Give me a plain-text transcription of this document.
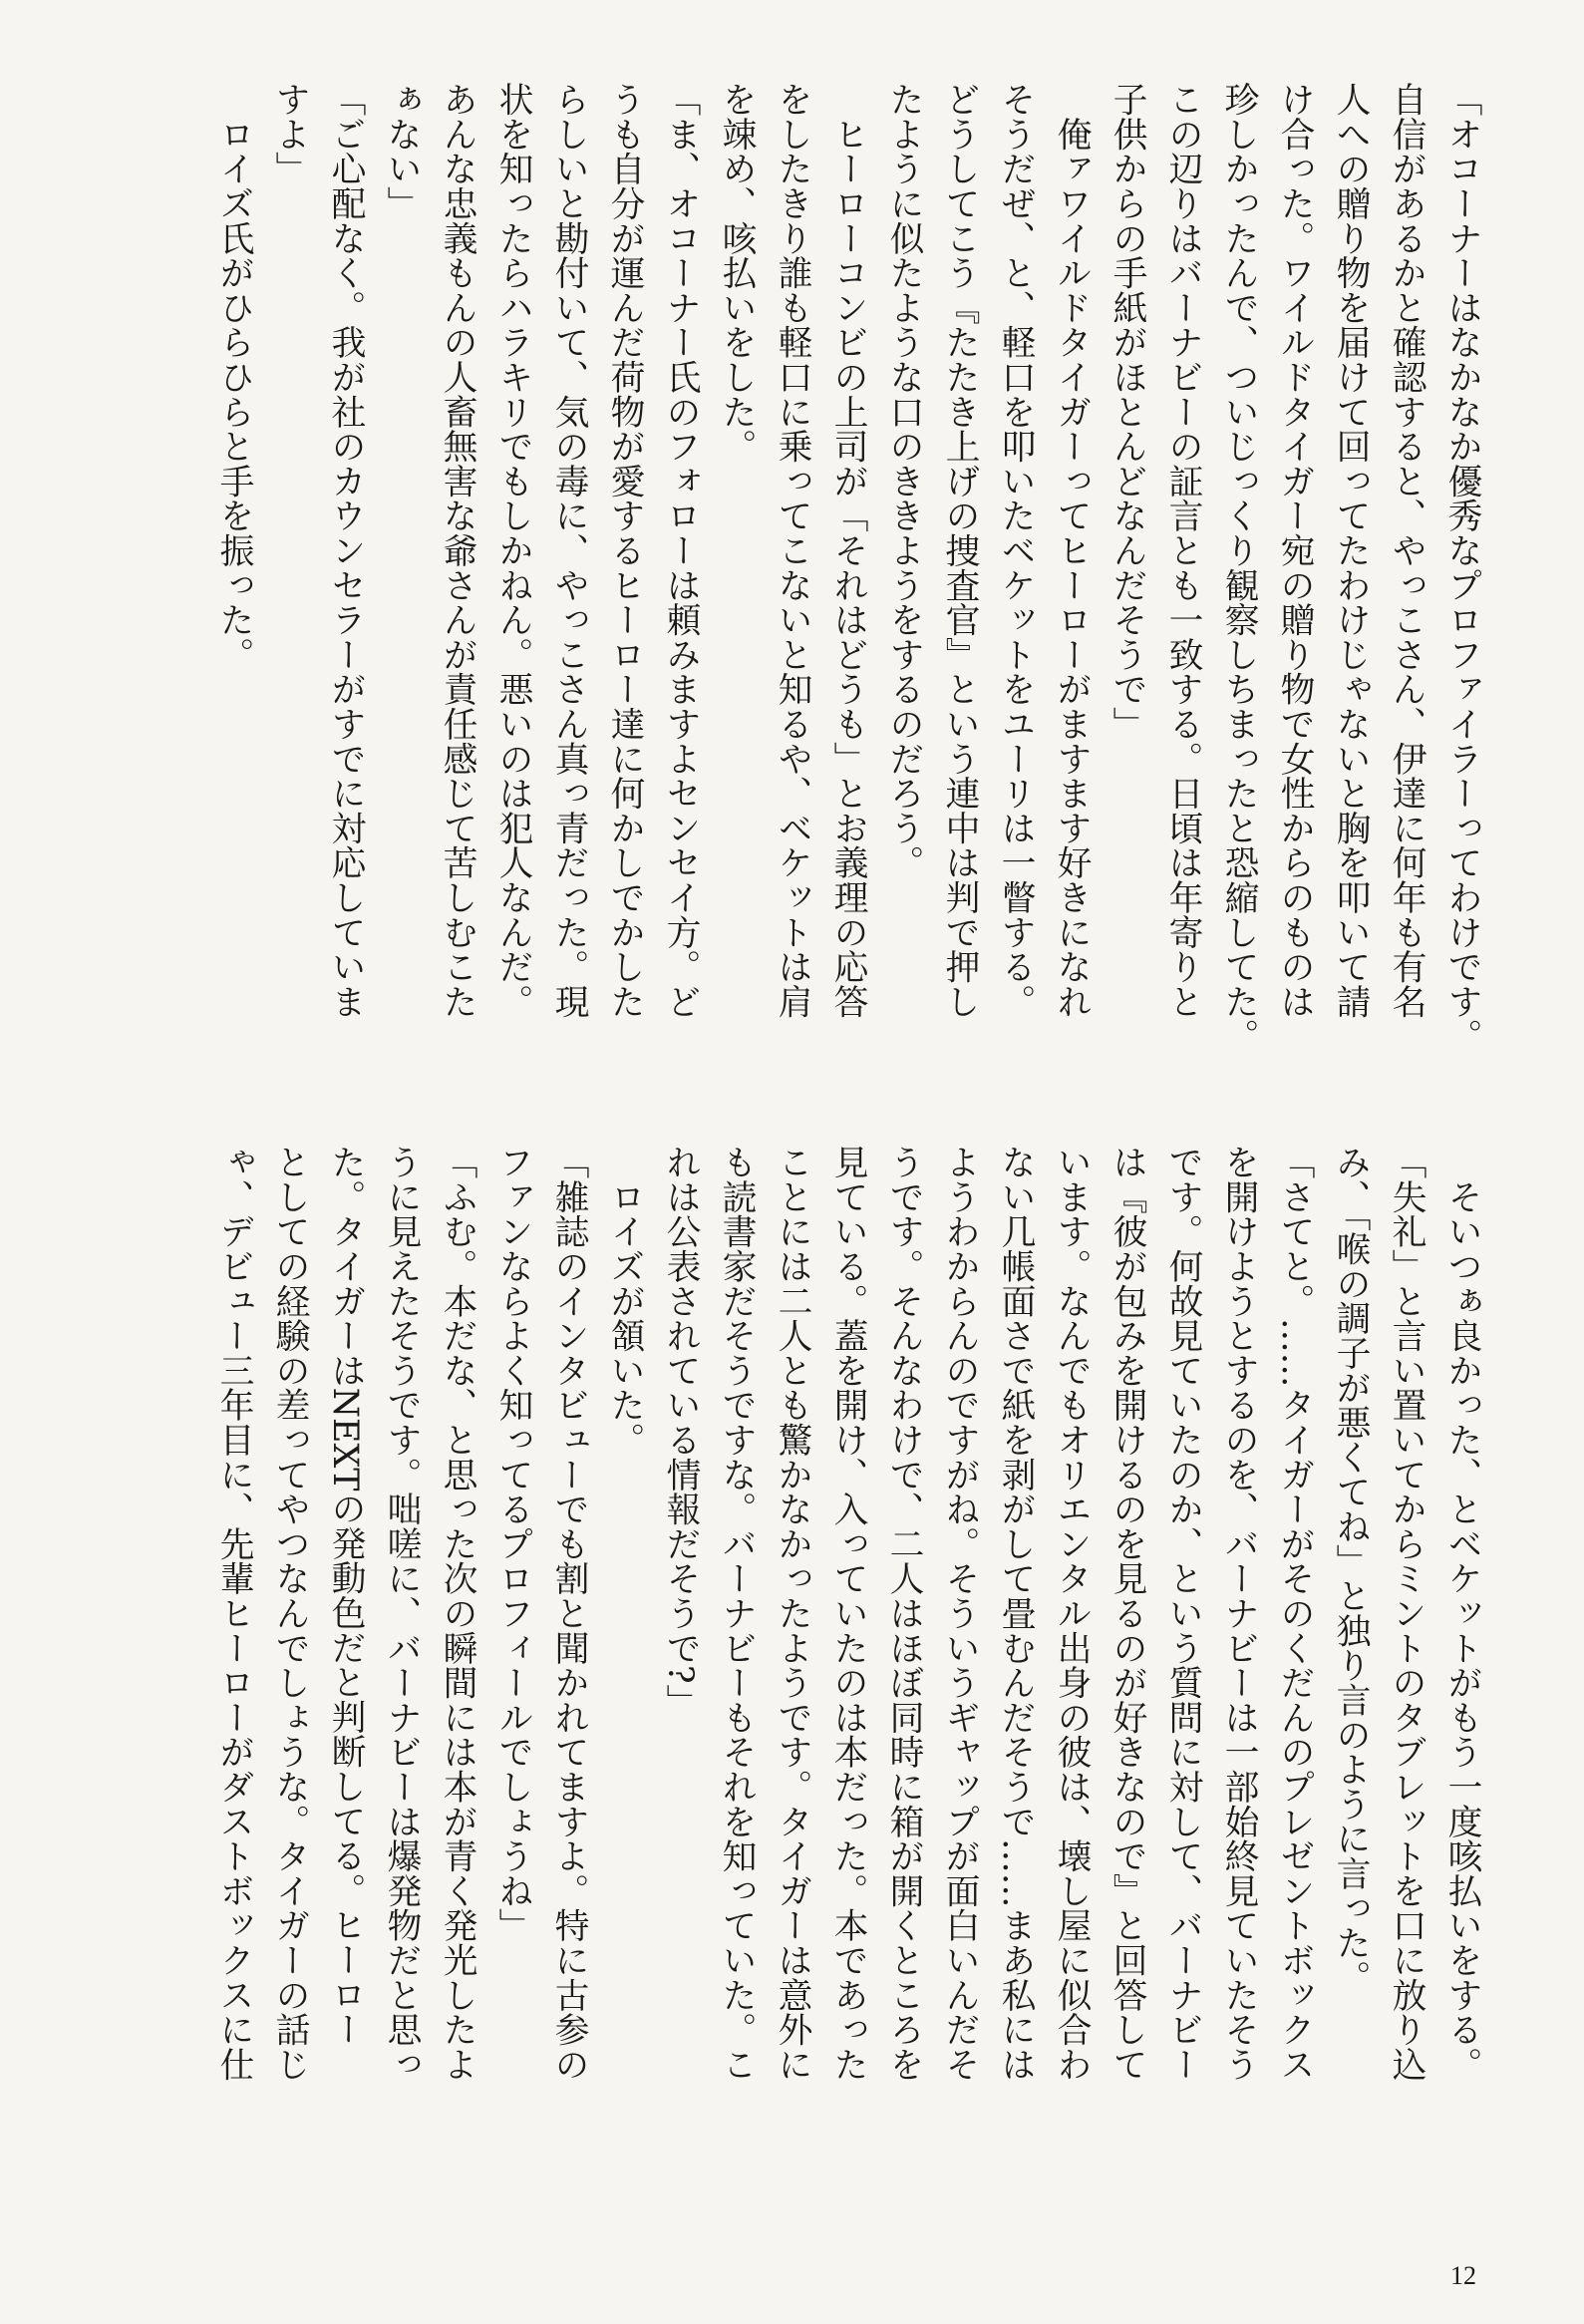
「オコーナーはなかなか優秀なプロファイラーってわけです。
自信があるかと確認すると、やっこさん、伊達に何年も有名
人への贈り物を届けて回ってたわけじゃないと胸を叩いて請
け合った。ワイルドタイガー宛の贈り物で女性からのものは
珍しかったんで、ついじっくり観察しちまったと恐縮してた。
この辺りはバーナビーの証言とも一致する。日頃は年寄りと
子供からの手紙がほとんどなんだそうで」
　俺ァワイルドタイガーってヒーローがますます好きになれ
そうだぜ、と、軽口を叩いたベケットをユーリは一瞥する。
どうしてこう『たたき上げの捜査官』という連中は判で押し
たように似たような口のききようをするのだろう。
　ヒーローコンビの上司が「それはどうも」とお義理の応答
をしたきり誰も軽口に乗ってこないと知るや、ベケットは肩
を竦め、咳払いをした。
「ま、オコーナー氏のフォローは頼みますよセンセイ方。ど
うも自分が運んだ荷物が愛するヒーロー達に何かしでかした
らしいと勘付いて、気の毒に、やっこさん真っ青だった。現
状を知ったらハラキリでもしかねん。悪いのは犯人なんだ。
あんな忠義もんの人畜無害な爺さんが責任感じて苦しむこた
ぁない」
「ご心配なく。我が社のカウンセラーがすでに対応していま
すよ」
　ロイズ氏がひらひらと手を振った。
　そいつぁ良かった、とベケットがもう一度咳払いをする。
「失礼」と言い置いてからミントのタブレットを口に放り込
み、「喉の調子が悪くてね」と独り言のように言った。
「さてと。……タイガーがそのくだんのプレゼントボックス
を開けようとするのを、バーナビーは一部始終見ていたそう
です。何故見ていたのか、という質問に対して、バーナビー
は『彼が包みを開けるのを見るのが好きなので』と回答して
います。なんでもオリエンタル出身の彼は、壊し屋に似合わ
ない几帳面さで紙を剥がして畳むんだそうで……まあ私には
ようわからんのですがね。そういうギャップが面白いんだそ
うです。そんなわけで、二人はほぼ同時に箱が開くところを
見ている。蓋を開け、入っていたのは本だった。本であった
ことには二人とも驚かなかったようです。タイガーは意外に
も読書家だそうですな。バーナビーもそれを知っていた。こ
れは公表されている情報だそうで?」
　ロイズが頷いた。
「雑誌のインタビューでも割と聞かれてますよ。特に古参の
ファンならよく知ってるプロフィールでしょうね」
「ふむ。本だな、と思った次の瞬間には本が青く発光したよ
うに見えたそうです。咄嗟に、バーナビーは爆発物だと思っ
た。タイガーはNEXTの発動色だと判断してる。ヒーロー
としての経験の差ってやつなんでしょうな。タイガーの話じ
ゃ、デビュー三年目に、先輩ヒーローがダストボックスに仕
12
